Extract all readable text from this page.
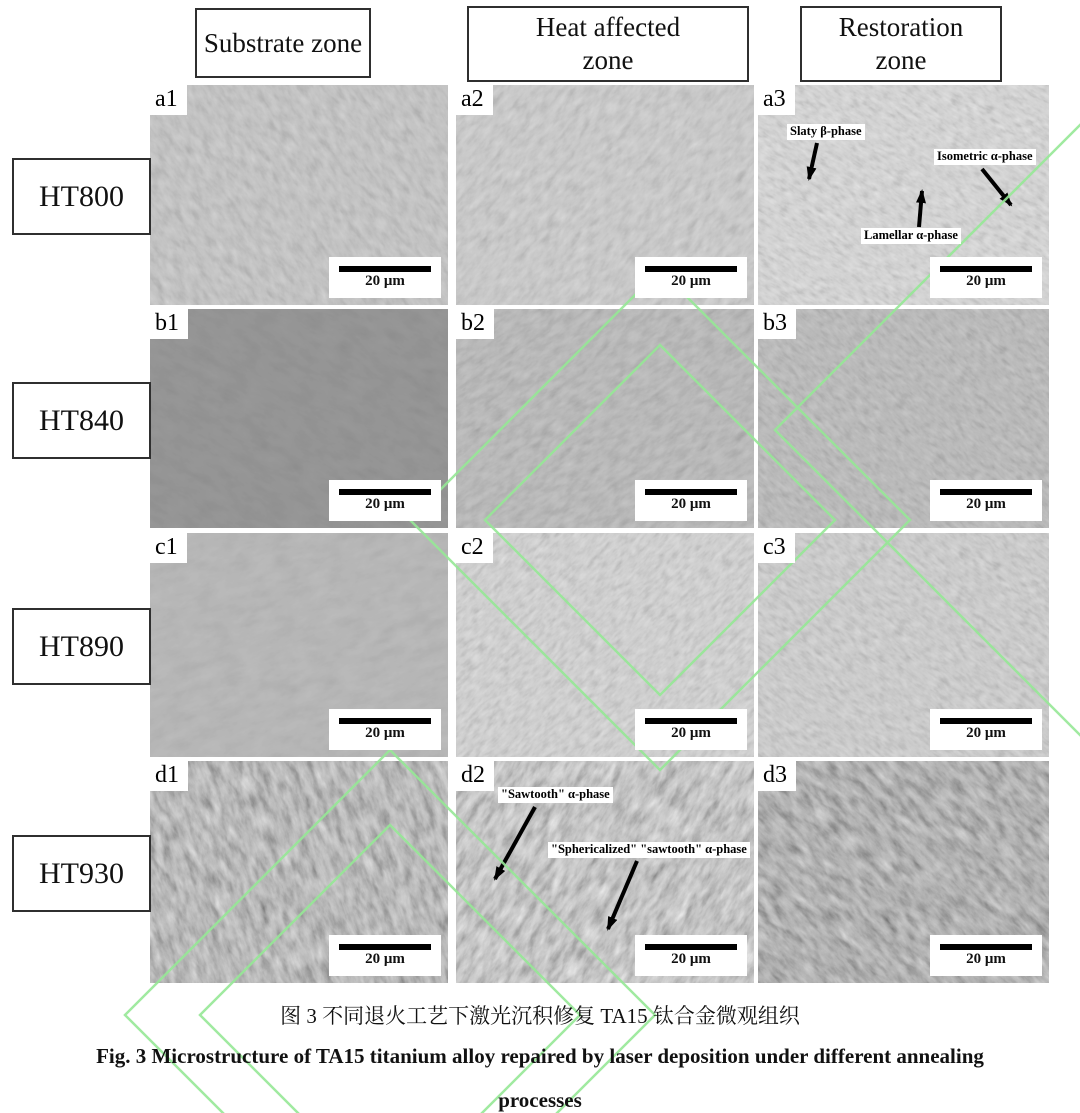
Substrate zone
Heat affected zone
Restoration zone
HT800
HT840
HT890
HT930
a1
20 μm
a2
20 μm
Slaty β-phase
Isometric α-phase
Lamellar α-phase
a3
20 μm
b1
20 μm
b2
20 μm
b3
20 μm
c1
20 μm
c2
20 μm
c3
20 μm
d1
20 μm
"Sawtooth" α-phase
"Sphericalized" "sawtooth" α-phase
d2
20 μm
d3
20 μm
图 3 不同退火工艺下激光沉积修复 TA15 钛合金微观组织
Fig. 3 Microstructure of TA15 titanium alloy repaired by laser deposition under different annealing
processes
